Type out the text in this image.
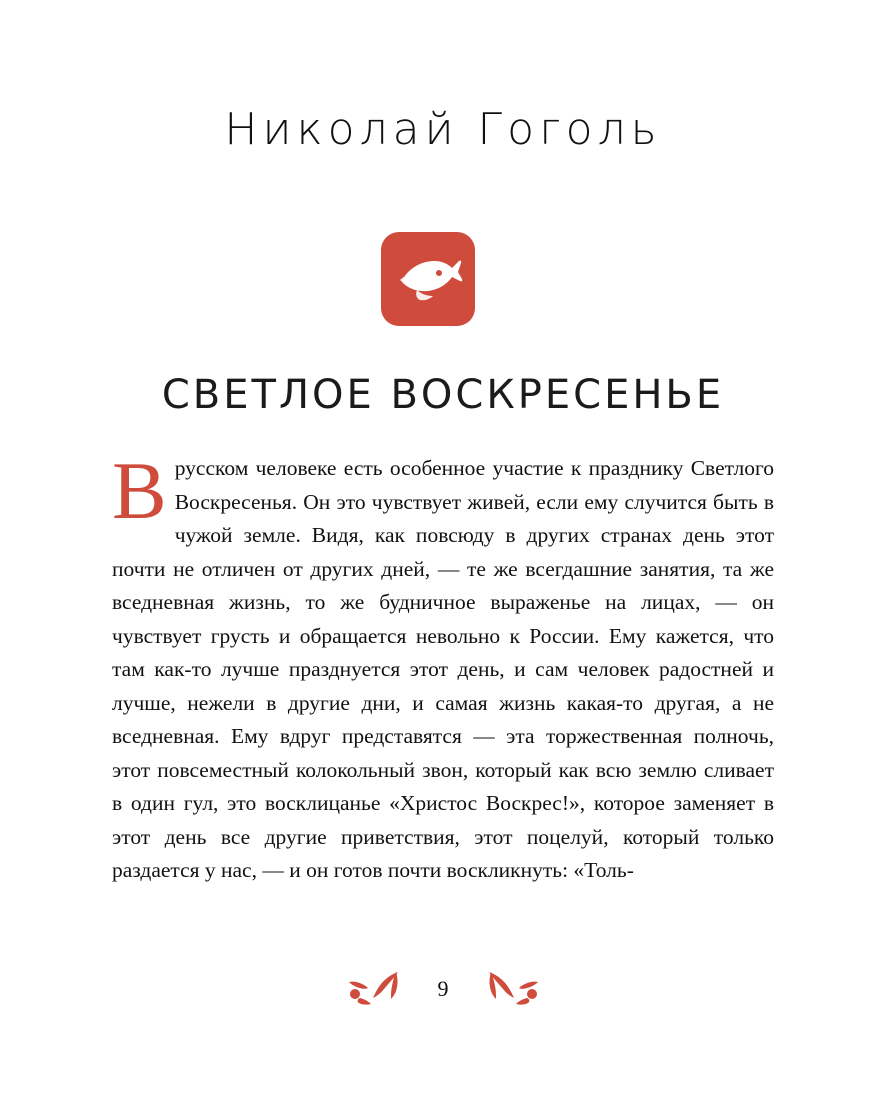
Николай Гоголь
СВЕТЛОЕ ВОСКРЕСЕНЬЕ

В русском человеке есть особенное участие к празднику Светлого Воскресенья. Он это чувствует живей, если ему случится быть в чужой земле. Видя, как повсюду в других странах день этот почти не отличен от других дней, — те же всегдашние занятия, та же вседневная жизнь, то же будничное выраженье на лицах, — он чувствует грусть и обращается невольно к России. Ему кажется, что там как-то лучше празднуется этот день, и сам человек радостней и лучше, нежели в другие дни, и самая жизнь какая-то другая, а не вседневная. Ему вдруг представятся — эта торжественная полночь, этот повсеместный колокольный звон, который как всю землю сливает в один гул, это восклицанье «Христос Воскрес!», которое заменяет в этот день все другие приветствия, этот поцелуй, который только раздается у нас, — и он готов почти воскликнуть: «Толь-

9
